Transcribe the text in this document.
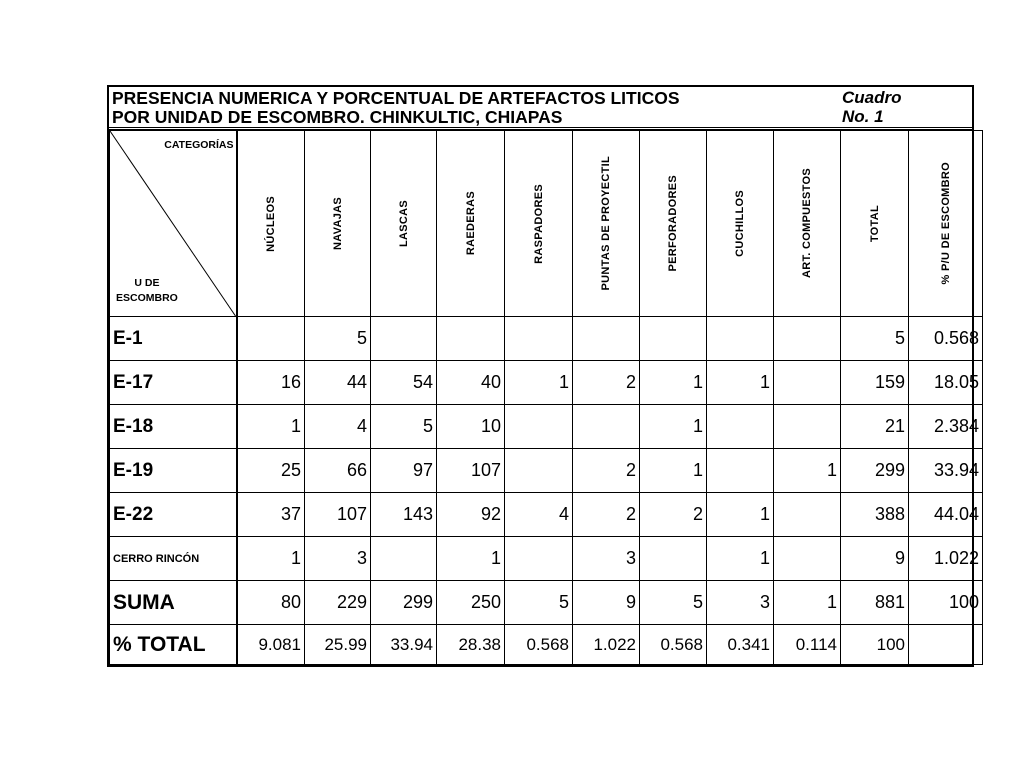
PRESENCIA NUMERICA Y PORCENTUAL DE ARTEFACTOS LITICOS
POR UNIDAD DE ESCOMBRO. CHINKULTIC, CHIAPAS
Cuadro
No. 1
CATEGORÍAS
U DE
ESCOMBRO	NÚCLEOS	NAVAJAS	LASCAS	RAEDERAS	RASPADORES	PUNTAS DE PROYECTIL	PERFORADORES	CUCHILLOS	ART. COMPUESTOS	TOTAL	% P/U DE ESCOMBRO

E-1		5								5	0.568
E-17	16	44	54	40	1	2	1	1		159	18.05
E-18	1	4	5	10			1			21	2.384
E-19	25	66	97	107		2	1		1	299	33.94
E-22	37	107	143	92	4	2	2	1		388	44.04
CERRO RINCÓN	1	3		1		3		1		9	1.022
SUMA	80	229	299	250	5	9	5	3	1	881	100
% TOTAL	9.081	25.99	33.94	28.38	0.568	1.022	0.568	0.341	0.114	100	
